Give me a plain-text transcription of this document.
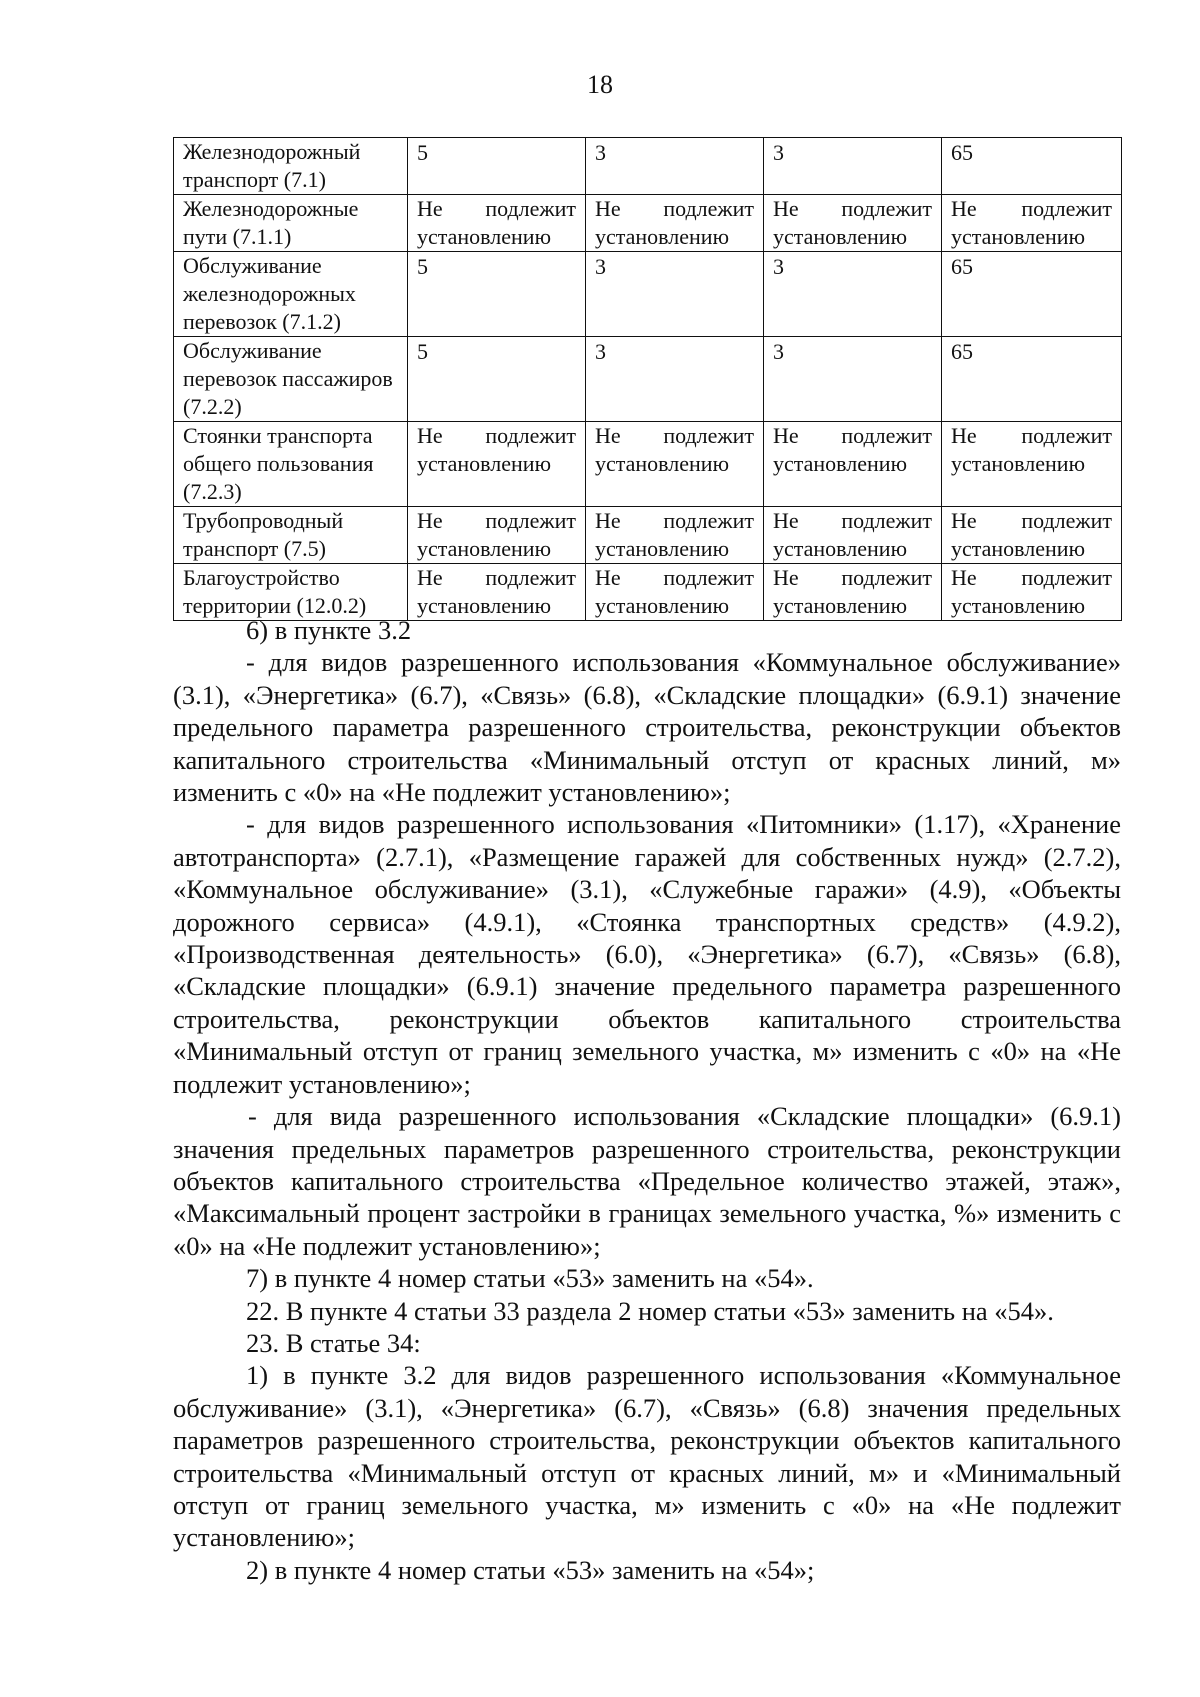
18
Железнодорожный транспорт (7.1)	5	3	3	65
Железнодорожные пути (7.1.1)	Не подлежит установлению	Не подлежит установлению	Не подлежит установлению	Не подлежит установлению
Обслуживание железнодорожных перевозок (7.1.2)	5	3	3	65
Обслуживание перевозок пассажиров (7.2.2)	5	3	3	65
Стоянки транспорта общего пользования (7.2.3)	Не подлежит установлению	Не подлежит установлению	Не подлежит установлению	Не подлежит установлению
Трубопроводный транспорт (7.5)	Не подлежит установлению	Не подлежит установлению	Не подлежит установлению	Не подлежит установлению
Благоустройство территории (12.0.2)	Не подлежит установлению	Не подлежит установлению	Не подлежит установлению	Не подлежит установлению

6) в пункте 3.2

- для видов разрешенного использования «Коммунальное обслуживание» (3.1), «Энергетика» (6.7), «Связь» (6.8), «Складские площадки» (6.9.1) значение предельного параметра разрешенного строительства, реконструкции объектов капитального строительства «Минимальный отступ от красных линий, м» изменить с «0» на «Не подлежит установлению»;

- для видов разрешенного использования «Питомники» (1.17), «Хранение автотранспорта» (2.7.1), «Размещение гаражей для собственных нужд» (2.7.2), «Коммунальное обслуживание» (3.1), «Служебные гаражи» (4.9), «Объекты дорожного сервиса» (4.9.1), «Стоянка транспортных средств» (4.9.2), «Производственная деятельность» (6.0), «Энергетика» (6.7), «Связь» (6.8), «Складские площадки» (6.9.1) значение предельного параметра разрешенного строительства, реконструкции объектов капитального строительства «Минимальный отступ от границ земельного участка, м» изменить с «0» на «Не подлежит установлению»;

- для вида разрешенного использования «Складские площадки» (6.9.1) значения предельных параметров разрешенного строительства, реконструкции объектов капитального строительства «Предельное количество этажей, этаж», «Максимальный процент застройки в границах земельного участка, %» изменить с «0» на «Не подлежит установлению»;

7) в пункте 4 номер статьи «53» заменить на «54».

22. В пункте 4 статьи 33 раздела 2 номер статьи «53» заменить на «54».

23. В статье 34:

1) в пункте 3.2 для видов разрешенного использования «Коммунальное обслуживание» (3.1), «Энергетика» (6.7), «Связь» (6.8) значения предельных параметров разрешенного строительства, реконструкции объектов капитального строительства «Минимальный отступ от красных линий, м» и «Минимальный отступ от границ земельного участка, м» изменить с «0» на «Не подлежит установлению»;

2) в пункте 4 номер статьи «53» заменить на «54»;
